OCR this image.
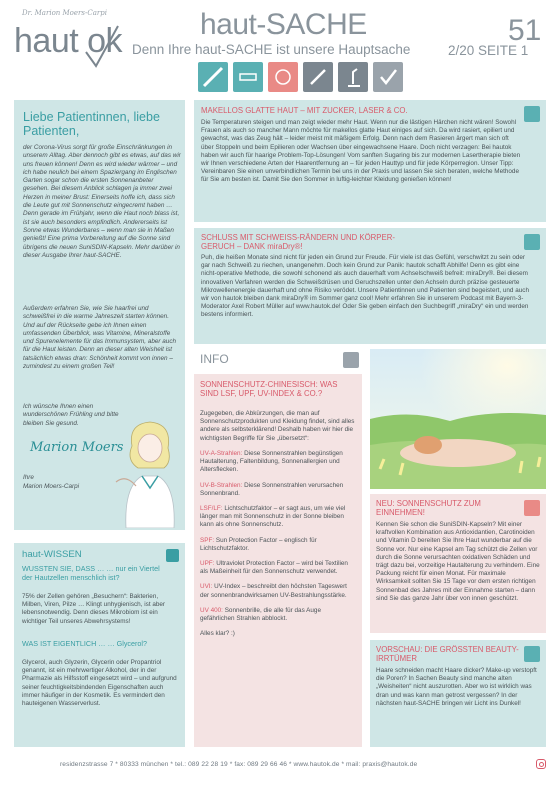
Dr. Marion Moers-Carpi
haut ok	haut-SACHE
Denn Ihre haut-SACHE ist unsere Hauptsache
51
2/20 SEITE 1
Liebe Patientinnen, liebe Patienten,
der Corona-Virus sorgt für große Einschränkungen in unserem Alltag. Aber dennoch gibt es etwas, auf das wir uns freuen können! Denn es wird wieder wärmer – und ich habe neulich bei einem Spaziergang im Englischen Garten sogar schon die ersten Sonnenanbeter gesehen. Bei diesem Anblick schlagen ja immer zwei Herzen in meiner Brust: Einerseits hoffe ich, dass sich die Leute gut mit Sonnenschutz eingecremt haben … Denn gerade im Frühjahr, wenn die Haut noch blass ist, ist sie auch besonders empfindlich. Andererseits ist Sonne etwas Wunderbares – wenn man sie in Maßen genießt! Eine prima Vorbereitung auf die Sonne sind übrigens die neuen SuniSDIN-Kapseln. Mehr darüber in dieser Ausgabe Ihrer haut-SACHE.
Außerdem erfahren Sie, wie Sie haarfrei und schweißfrei in die warme Jahreszeit starten können. Und auf der Rückseite gebe ich Ihnen einen umfassenden Überblick, was Vitamine, Mineralstoffe und Spurenelemente für das Immunsystem, aber auch für die Haut leisten. Denn an dieser alten Weisheit ist tatsächlich etwas dran: Schönheit kommt von innen – zumindest zu einem großen Teil!
Ich wünsche Ihnen einen wunderschönen Frühling und bitte bleiben Sie gesund.
Marion Moers
Ihre
Marion Moers-Carpi
haut-WISSEN
WUSSTEN SIE, DASS … … nur ein Viertel der Hautzellen menschlich ist?
75% der Zellen gehören „Besuchern“: Bakterien, Milben, Viren, Pilze … Klingt unhygienisch, ist aber lebensnotwendig. Denn dieses Mikrobiom ist ein wichtiger Teil unseres Abwehrsystems!
WAS IST EIGENTLICH … … Glycerol?
Glycerol, auch Glyzerin, Glycerin oder Propantriol genannt, ist ein mehrwertiger Alkohol, der in der Pharmazie als Hilfsstoff eingesetzt wird – und aufgrund seiner feuchtigkeitsbindenden Eigenschaften auch immer häufiger in der Kosmetik. Es vermindert den hauteigenen Wasserverlust.
MAKELLOS GLATTE HAUT – MIT ZUCKER, LASER & CO.
Die Temperaturen steigen und man zeigt wieder mehr Haut. Wenn nur die lästigen Härchen nicht wären! Sowohl Frauen als auch so mancher Mann möchte für makellos glatte Haut einiges auf sich. Da wird rasiert, epiliert und gewachst, was das Zeug hält – leider meist mit mäßigem Erfolg. Denn nach dem Rasieren ärgert man sich oft über Stoppeln und beim Epilieren oder Wachsen über eingewachsene Haare. Doch nicht verzagen: Bei hautok haben wir auch für haarige Problem-Top-Lösungen! Vom sanften Sugaring bis zur modernen Lasertherapie bieten wir Ihnen verschiedene Arten der Haarentfernung an – für jeden Hauttyp und für jede Körperregion. Unser Tipp: Vereinbaren Sie einen unverbindlichen Termin bei uns in der Praxis und lassen Sie sich beraten, welche Methode für Sie am besten ist. Damit Sie den Sommer in luftig-leichter Kleidung genießen können!
SCHLUSS MIT SCHWEISS-RÄNDERN UND KÖRPER-GERUCH – DANK miraDry®!
Puh, die heißen Monate sind nicht für jeden ein Grund zur Freude. Für viele ist das Gefühl, verschwitzt zu sein oder gar nach Schweiß zu riechen, unangenehm. Doch kein Grund zur Panik: hautok schafft Abhilfe! Denn es gibt eine nicht-operative Methode, die sowohl schonend als auch dauerhaft vom Achselschweiß befreit: miraDry®. Bei diesem innovativen Verfahren werden die Schweißdrüsen und Geruchszellen unter den Achseln durch präzise gesteuerte Mikrowellenenergie dauerhaft und ohne Risiko verödet. Unsere Patientinnen und Patienten sind begeistert, und auch wir von hautok bleiben dank miraDry® im Sommer ganz cool! Mehr erfahren Sie in unserem Podcast mit Bayern-3-Moderator Axel Robert Müller auf www.hautok.de! Oder Sie geben einfach den Suchbegriff „miraDry“ ein und werden bestens informiert.
INFO
SONNENSCHUTZ-CHINESISCH: WAS SIND LSF, UPF, UV-INDEX & CO.?
Zugegeben, die Abkürzungen, die man auf Sonnenschutzprodukten und Kleidung findet, sind alles andere als selbsterklärend! Deshalb haben wir hier die wichtigsten Begriffe für Sie „übersetzt“:

UV-A-Strahlen: Diese Sonnenstrahlen begünstigen Hautalterung, Faltenbildung, Sonnenallergien und Altersflecken.

UV-B-Strahlen: Diese Sonnenstrahlen verursachen Sonnenbrand.

LSF/LF: Lichtschutzfaktor – er sagt aus, um wie viel länger man mit Sonnenschutz in der Sonne bleiben kann als ohne Sonnenschutz.

SPF: Sun Protection Factor – englisch für Lichtschutzfaktor.

UPF: Ultraviolet Protection Factor – wird bei Textilien als Maßeinheit für den Sonnenschutz verwendet.

UVI: UV-Index – beschreibt den höchsten Tageswert der sonnenbrandwirksamen UV-Bestrahlungsstärke.

UV 400: Sonnenbrille, die alle für das Auge gefährlichen Strahlen abblockt.

Alles klar? :)

NEU: SONNENSCHUTZ ZUM EINNEHMEN!
Kennen Sie schon die SuniSDIN-Kapseln? Mit einer kraftvollen Kombination aus Antioxidantien, Carotinoiden und Vitamin D bereiten Sie Ihre Haut wunderbar auf die Sonne vor. Nur eine Kapsel am Tag schützt die Zellen vor durch die Sonne verursachten oxidativen Schäden und trägt dazu bei, vorzeitige Hautalterung zu verhindern. Eine Packung reicht für einen Monat. Für maximale Wirksamkeit sollten Sie 15 Tage vor dem ersten richtigen Sonnenbad des Jahres mit der Einnahme starten – dann sind Sie das ganze Jahr über von innen geschützt.
VORSCHAU: DIE GRÖSSTEN BEAUTY-IRRTÜMER
Haare schneiden macht Haare dicker? Make-up verstopft die Poren? In Sachen Beauty sind manche alten „Weisheiten“ nicht auszurotten. Aber wo ist wirklich was dran und was kann man getrost vergessen? In der nächsten haut-SACHE bringen wir Licht ins Dunkel!
residenzstrasse 7 * 80333 münchen * tel.: 089 22 28 19 * fax: 089 29 66 46 * www.hautok.de * mail: praxis@hautok.de
